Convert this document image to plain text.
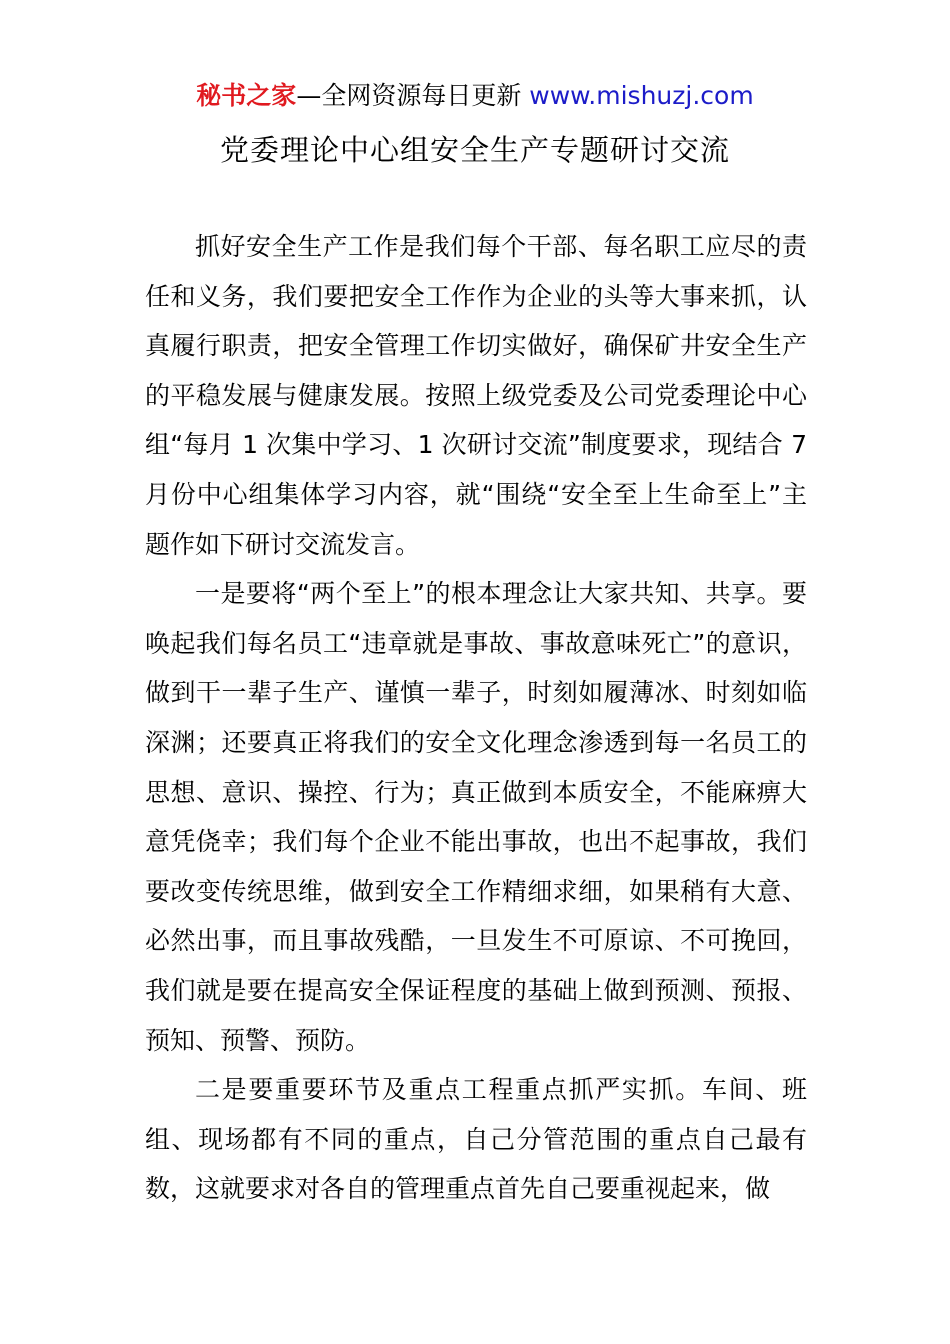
秘书之家—全网资源每日更新 www.mishuzj.com
党委理论中心组安全生产专题研讨交流

抓好安全生产工作是我们每个干部、每名职工应尽的责任和义务，我们要把安全工作作为企业的头等大事来抓，认真履行职责，把安全管理工作切实做好，确保矿井安全生产的平稳发展与健康发展。按照上级党委及公司党委理论中心组“每月 1 次集中学习、1 次研讨交流”制度要求，现结合 7 月份中心组集体学习内容，就“围绕“安全至上生命至上”主题作如下研讨交流发言。

一是要将“两个至上”的根本理念让大家共知、共享。要唤起我们每名员工“违章就是事故、事故意味死亡”的意识，做到干一辈子生产、谨慎一辈子，时刻如履薄冰、时刻如临深渊；还要真正将我们的安全文化理念渗透到每一名员工的思想、意识、操控、行为；真正做到本质安全，不能麻痹大意凭侥幸；我们每个企业不能出事故，也出不起事故，我们要改变传统思维，做到安全工作精细求细，如果稍有大意、必然出事，而且事故残酷，一旦发生不可原谅、不可挽回，我们就是要在提高安全保证程度的基础上做到预测、预报、预知、预警、预防。

二是要重要环节及重点工程重点抓严实抓。车间、班组、现场都有不同的重点，自己分管范围的重点自己最有数，这就要求对各自的管理重点首先自己要重视起来，做
